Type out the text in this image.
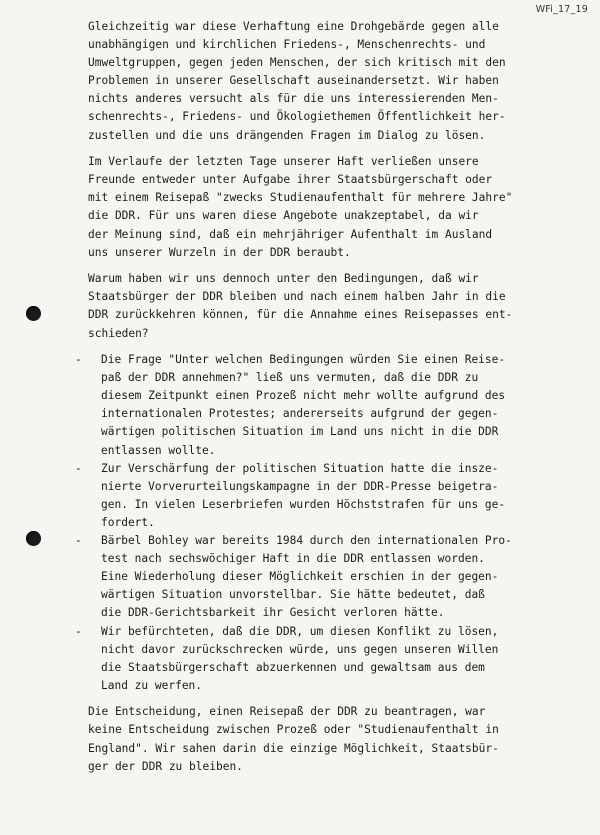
WFi_17_19
Gleichzeitig war diese Verhaftung eine Drohgebärde gegen alle
unabhängigen und kirchlichen Friedens-, Menschenrechts- und
Umweltgruppen, gegen jeden Menschen, der sich kritisch mit den
Problemen in unserer Gesellschaft auseinandersetzt. Wir haben
nichts anderes versucht als für die uns interessierenden Men-
schenrechts-, Friedens- und Ökologiethemen Öffentlichkeit her-
zustellen und die uns drängenden Fragen im Dialog zu lösen.
Im Verlaufe der letzten Tage unserer Haft verließen unsere
Freunde entweder unter Aufgabe ihrer Staatsbürgerschaft oder
mit einem Reisepaß "zwecks Studienaufenthalt für mehrere Jahre"
die DDR. Für uns waren diese Angebote unakzeptabel, da wir
der Meinung sind, daß ein mehrjähriger Aufenthalt im Ausland
uns unserer Wurzeln in der DDR beraubt.
Warum haben wir uns dennoch unter den Bedingungen, daß wir
Staatsbürger der DDR bleiben und nach einem halben Jahr in die
DDR zurückkehren können, für die Annahme eines Reisepasses ent-
schieden?
-	Die Frage "Unter welchen Bedingungen würden Sie einen Reise-
paß der DDR annehmen?" ließ uns vermuten, daß die DDR zu
diesem Zeitpunkt einen Prozeß nicht mehr wollte aufgrund des
internationalen Protestes; andererseits aufgrund der gegen-
wärtigen politischen Situation im Land uns nicht in die DDR
entlassen wollte.
-	Zur Verschärfung der politischen Situation hatte die insze-
nierte Vorverurteilungskampagne in der DDR-Presse beigetra-
gen. In vielen Leserbriefen wurden Höchststrafen für uns ge-
fordert.
-	Bärbel Bohley war bereits 1984 durch den internationalen Pro-
test nach sechswöchiger Haft in die DDR entlassen worden.
Eine Wiederholung dieser Möglichkeit erschien in der gegen-
wärtigen Situation unvorstellbar. Sie hätte bedeutet, daß
die DDR-Gerichtsbarkeit ihr Gesicht verloren hätte.
-	Wir befürchteten, daß die DDR, um diesen Konflikt zu lösen,
nicht davor zurückschrecken würde, uns gegen unseren Willen
die Staatsbürgerschaft abzuerkennen und gewaltsam aus dem
Land zu werfen.
Die Entscheidung, einen Reisepaß der DDR zu beantragen, war
keine Entscheidung zwischen Prozeß oder "Studienaufenthalt in
England". Wir sahen darin die einzige Möglichkeit, Staatsbür-
ger der DDR zu bleiben.
